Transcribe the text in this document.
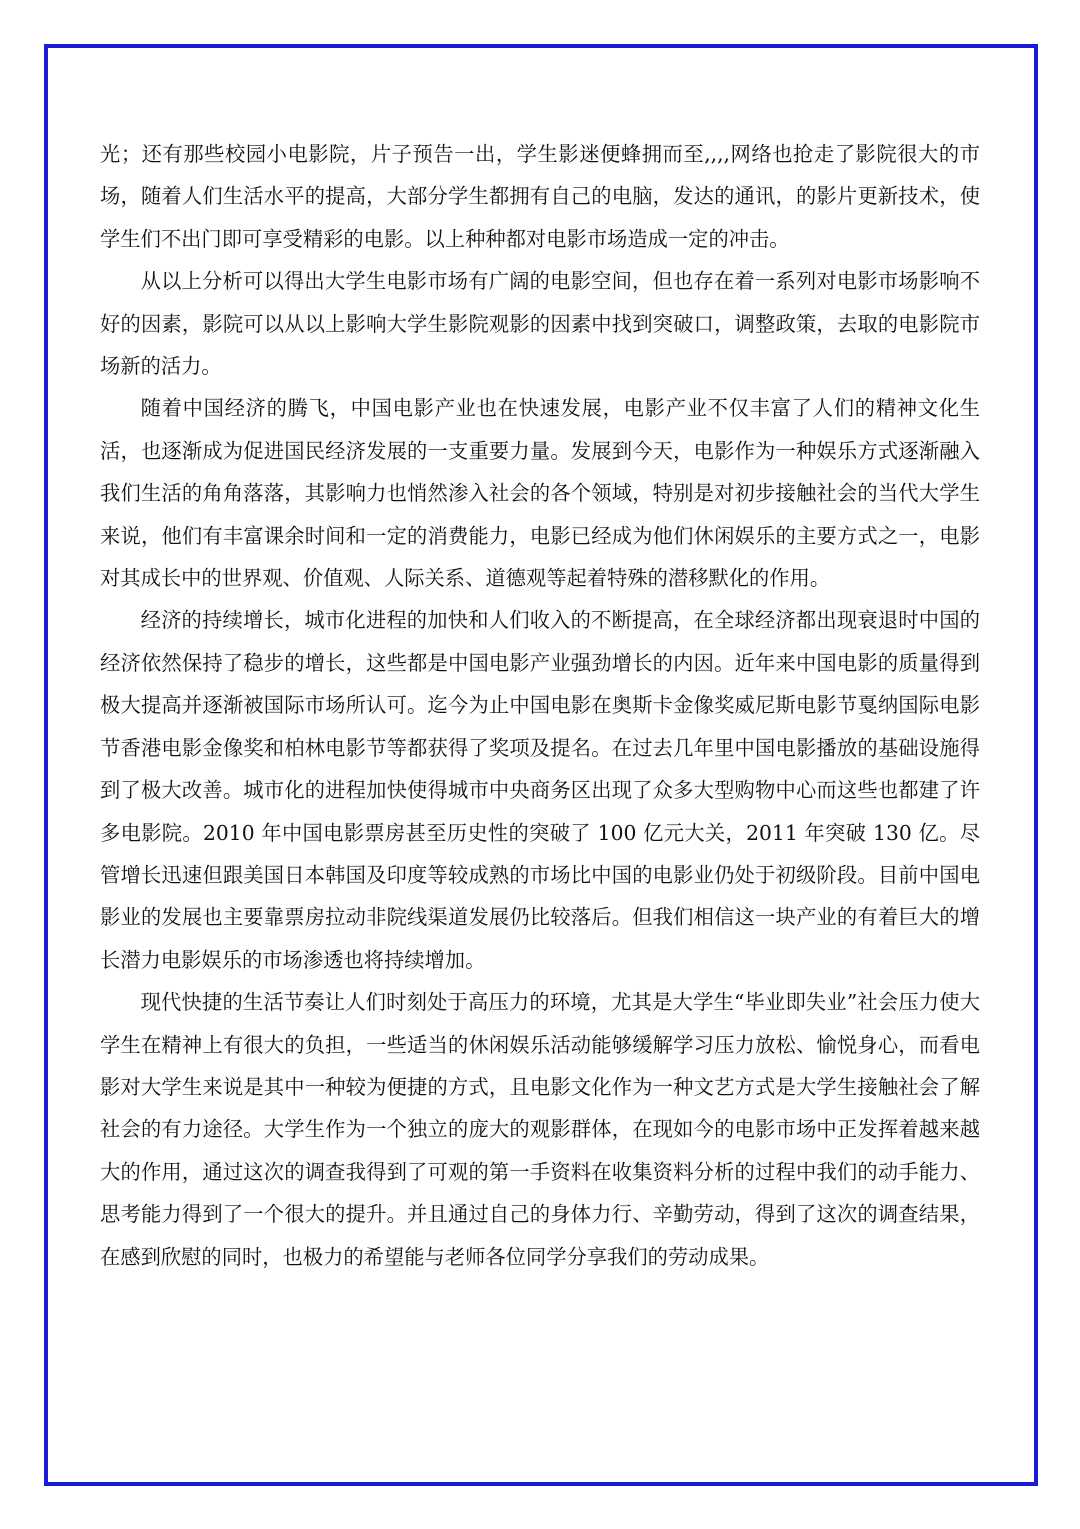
光；还有那些校园小电影院，片子预告一出，学生影迷便蜂拥而至,,,,网络也抢走了影院很大的市场，随着人们生活水平的提高，大部分学生都拥有自己的电脑，发达的通讯，的影片更新技术，使学生们不出门即可享受精彩的电影。以上种种都对电影市场造成一定的冲击。

从以上分析可以得出大学生电影市场有广阔的电影空间，但也存在着一系列对电影市场影响不好的因素，影院可以从以上影响大学生影院观影的因素中找到突破口，调整政策，去取的电影院市场新的活力。

随着中国经济的腾飞，中国电影产业也在快速发展，电影产业不仅丰富了人们的精神文化生活，也逐渐成为促进国民经济发展的一支重要力量。发展到今天，电影作为一种娱乐方式逐渐融入我们生活的角角落落，其影响力也悄然渗入社会的各个领域，特别是对初步接触社会的当代大学生来说，他们有丰富课余时间和一定的消费能力，电影已经成为他们休闲娱乐的主要方式之一，电影对其成长中的世界观、价值观、人际关系、道德观等起着特殊的潜移默化的作用。

经济的持续增长，城市化进程的加快和人们收入的不断提高，在全球经济都出现衰退时中国的经济依然保持了稳步的增长，这些都是中国电影产业强劲增长的内因。近年来中国电影的质量得到极大提高并逐渐被国际市场所认可。迄今为止中国电影在奥斯卡金像奖威尼斯电影节戛纳国际电影节香港电影金像奖和柏林电影节等都获得了奖项及提名。在过去几年里中国电影播放的基础设施得到了极大改善。城市化的进程加快使得城市中央商务区出现了众多大型购物中心而这些也都建了许多电影院。2010 年中国电影票房甚至历史性的突破了 100 亿元大关，2011 年突破 130 亿。尽管增长迅速但跟美国日本韩国及印度等较成熟的市场比中国的电影业仍处于初级阶段。目前中国电影业的发展也主要靠票房拉动非院线渠道发展仍比较落后。但我们相信这一块产业的有着巨大的增长潜力电影娱乐的市场渗透也将持续增加。

现代快捷的生活节奏让人们时刻处于高压力的环境，尤其是大学生“毕业即失业”社会压力使大学生在精神上有很大的负担，一些适当的休闲娱乐活动能够缓解学习压力放松、愉悦身心，而看电影对大学生来说是其中一种较为便捷的方式，且电影文化作为一种文艺方式是大学生接触社会了解社会的有力途径。大学生作为一个独立的庞大的观影群体，在现如今的电影市场中正发挥着越来越大的作用，通过这次的调查我得到了可观的第一手资料在收集资料分析的过程中我们的动手能力、思考能力得到了一个很大的提升。并且通过自己的身体力行、辛勤劳动，得到了这次的调查结果，在感到欣慰的同时，也极力的希望能与老师各位同学分享我们的劳动成果。
